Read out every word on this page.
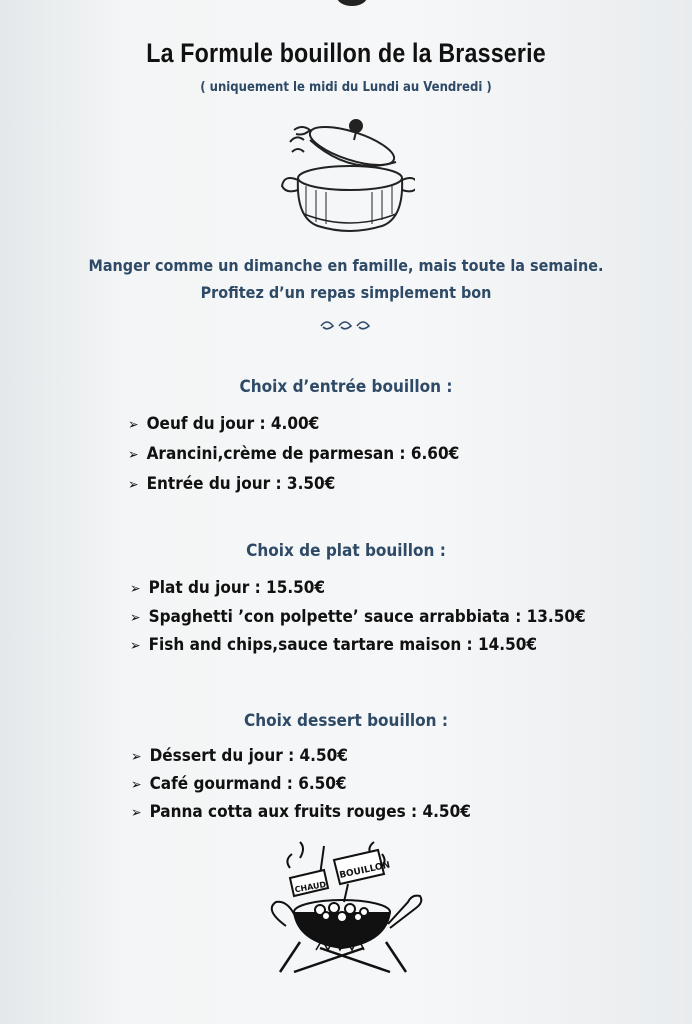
La Formule bouillon de la Brasserie
( uniquement le midi du Lundi au Vendredi )
Manger comme un dimanche en famille, mais toute la semaine.
Profitez d’un repas simplement bon
Choix d’entrée bouillon :
➢ Oeuf du jour : 4.00€
➢ Arancini,crème de parmesan : 6.60€
➢ Entrée du jour : 3.50€
Choix de plat bouillon :
➢ Plat du jour : 15.50€
➢ Spaghetti ’con polpette’ sauce arrabbiata : 13.50€
➢ Fish and chips,sauce tartare maison : 14.50€
Choix dessert bouillon :
➢ Déssert du jour : 4.50€
➢ Café gourmand : 6.50€
➢ Panna cotta aux fruits rouges : 4.50€
BOUILLON
CHAUD
